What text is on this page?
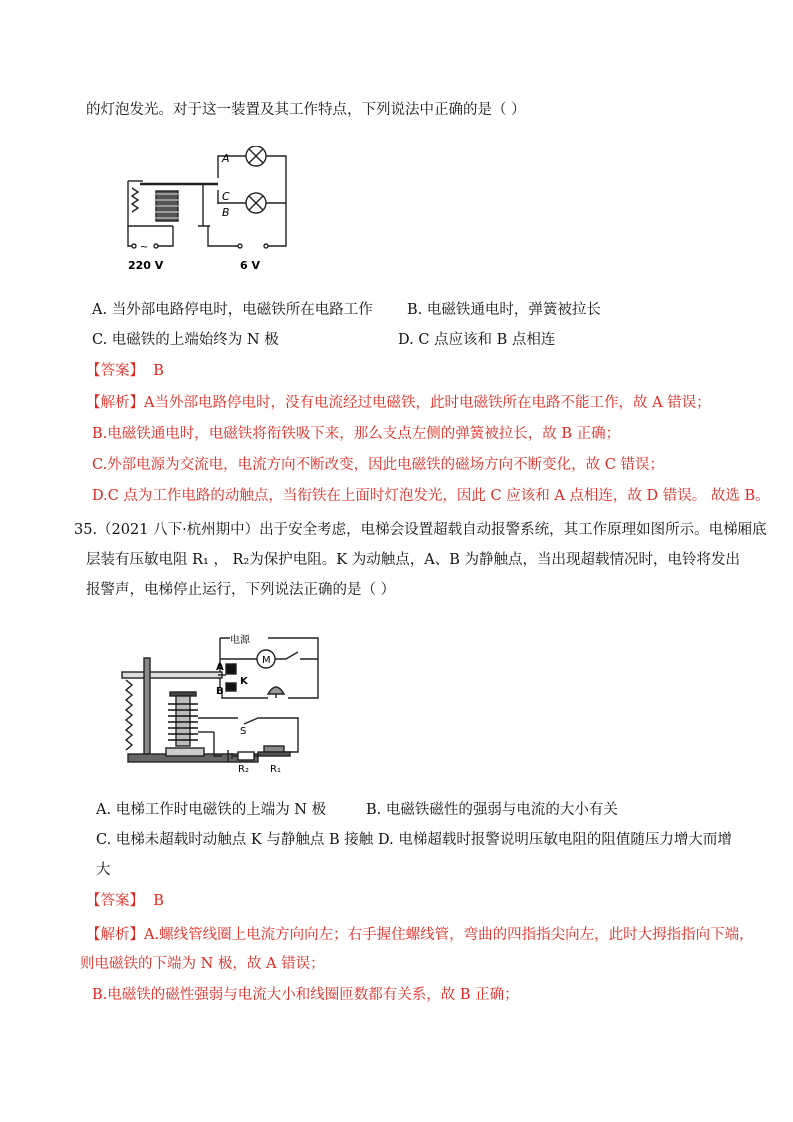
的灯泡发光。对于这一装置及其工作特点，下列说法中正确的是（ ）
A
C
B
~
220 V	6 V
A. 当外部电路停电时，电磁铁所在电路工作 B. 电磁铁通电时，弹簧被拉长
C. 电磁铁的上端始终为 N 极	D. C 点应该和 B 点相连
【答案】 B
【解析】A当外部电路停电时，没有电流经过电磁铁，此时电磁铁所在电路不能工作，故 A 错误；
B.电磁铁通电时，电磁铁将衔铁吸下来，那么支点左侧的弹簧被拉长，故 B 正确；
C.外部电源为交流电，电流方向不断改变，因此电磁铁的磁场方向不断变化，故 C 错误；
D.C 点为工作电路的动触点，当衔铁在上面时灯泡发光，因此 C 应该和 A 点相连，故 D 错误。 故选 B。
35.（2021 八下·杭州期中）出于安全考虑，电梯会设置超载自动报警系统，其工作原理如图所示。电梯厢底
层装有压敏电阻 R₁ ， R₂为保护电阻。K 为动触点，A、B 为静触点，当出现超载情况时，电铃将发出
报警声，电梯停止运行，下列说法正确的是（ ）
电源
M
A
K
B
S
R₂ R₁
A. 电梯工作时电磁铁的上端为 N 极	B. 电磁铁磁性的强弱与电流的大小有关
C. 电梯未超载时动触点 K 与静触点 B 接触 D. 电梯超载时报警说明压敏电阻的阻值随压力增大而增
大
【答案】 B
【解析】A.螺线管线圈上电流方向向左；右手握住螺线管，弯曲的四指指尖向左，此时大拇指指向下端，
则电磁铁的下端为 N 极，故 A 错误；
B.电磁铁的磁性强弱与电流大小和线圈匝数都有关系，故 B 正确；
